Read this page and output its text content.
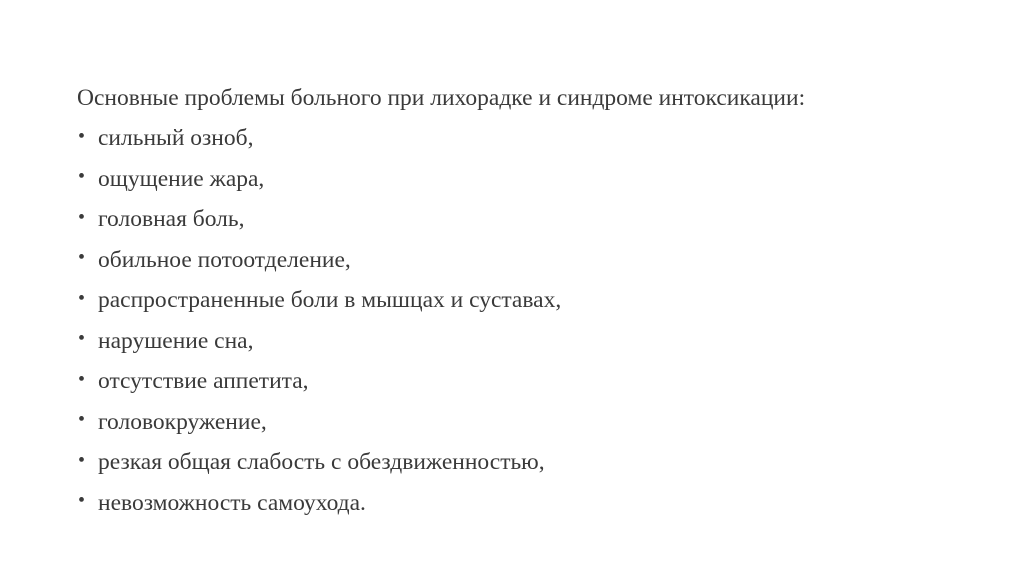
Основные проблемы больного при лихорадке и синдроме интоксикации:
• сильный озноб,
• ощущение жара,
• головная боль,
• обильное потоотделение,
• распространенные боли в мышцах и суставах,
• нарушение сна,
• отсутствие аппетита,
• головокружение,
• резкая общая слабость с обездвиженностью,
• невозможность самоухода.
